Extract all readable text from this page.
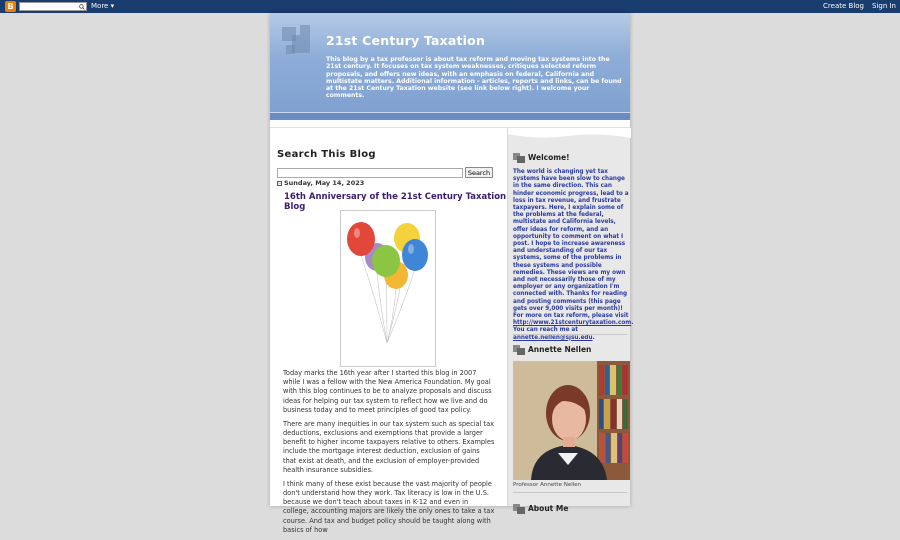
B	More ▾	Create Blog Sign In
21st Century Taxation
This blog by a tax professor is about tax reform and moving tax systems into the 21st century. It focuses on tax system weaknesses, critiques selected reform proposals, and offers new ideas, with an emphasis on federal, California and multistate matters. Additional information - articles, reports and links, can be found at the 21st Century Taxation website (see link below right). I welcome your comments.
Search This Blog
Search
− Sunday, May 14, 2023
16th Anniversary of the 21st Century Taxation Blog

Today marks the 16th year after I started this blog in 2007 while I was a fellow with the New America Foundation. My goal with this blog continues to be to analyze proposals and discuss ideas for helping our tax system to reflect how we live and do business today and to meet principles of good tax policy.

There are many inequities in our tax system such as special tax deductions, exclusions and exemptions that provide a larger benefit to higher income taxpayers relative to others. Examples include the mortgage interest deduction, exclusion of gains that exist at death, and the exclusion of employer-provided health insurance subsidies.

I think many of these exist because the vast majority of people don't understand how they work. Tax literacy is low in the U.S. because we don't teach about taxes in K-12 and even in college, accounting majors are likely the only ones to take a tax course. And tax and budget policy should be taught along with basics of how

Welcome!
The world is changing yet tax systems have been slow to change in the same direction. This can hinder economic progress, lead to a loss in tax revenue, and frustrate taxpayers. Here, I explain some of the problems at the federal, multistate and California levels, offer ideas for reform, and an opportunity to comment on what I post. I hope to increase awareness and understanding of our tax systems, some of the problems in these systems and possible remedies. These views are my own and not necessarily those of my employer or any organization I'm connected with. Thanks for reading and posting comments (this page gets over 9,000 visits per month)! For more on tax reform, please visit http://www.21stcenturytaxation.com. You can reach me at annette.nellen@sjsu.edu.
Annette Nellen
Professor Annette Nellen
About Me
